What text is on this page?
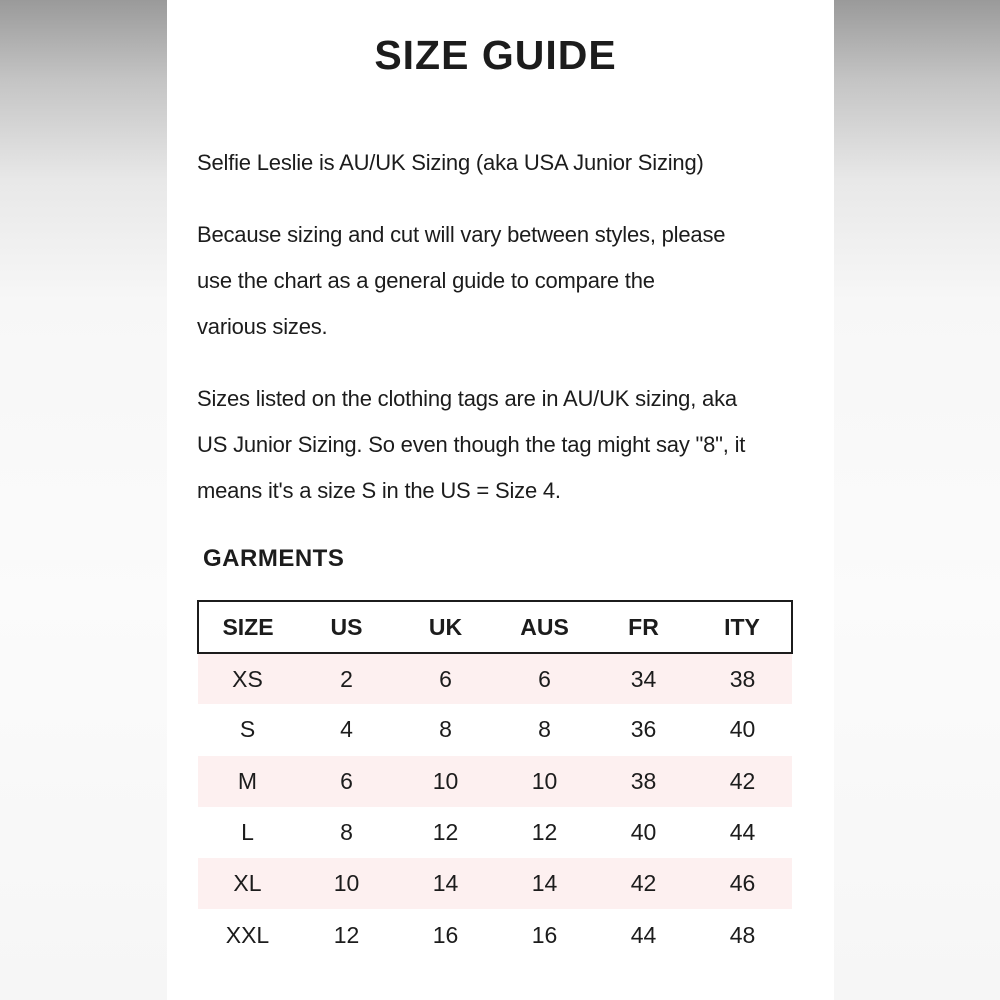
SIZE GUIDE

Selfie Leslie is AU/UK Sizing (aka USA Junior Sizing)

Because sizing and cut will vary between styles, please
use the chart as a general guide to compare the
various sizes.

Sizes listed on the clothing tags are in AU/UK sizing, aka
US Junior Sizing. So even though the tag might say "8", it
means it's a size S in the US = Size 4.

GARMENTS
SIZE	US	UK	AUS	FR	ITY
XS	2	6	6	34	38
S	4	8	8	36	40
M	6	10	10	38	42
L	8	12	12	40	44
XL	10	14	14	42	46
XXL	12	16	16	44	48
